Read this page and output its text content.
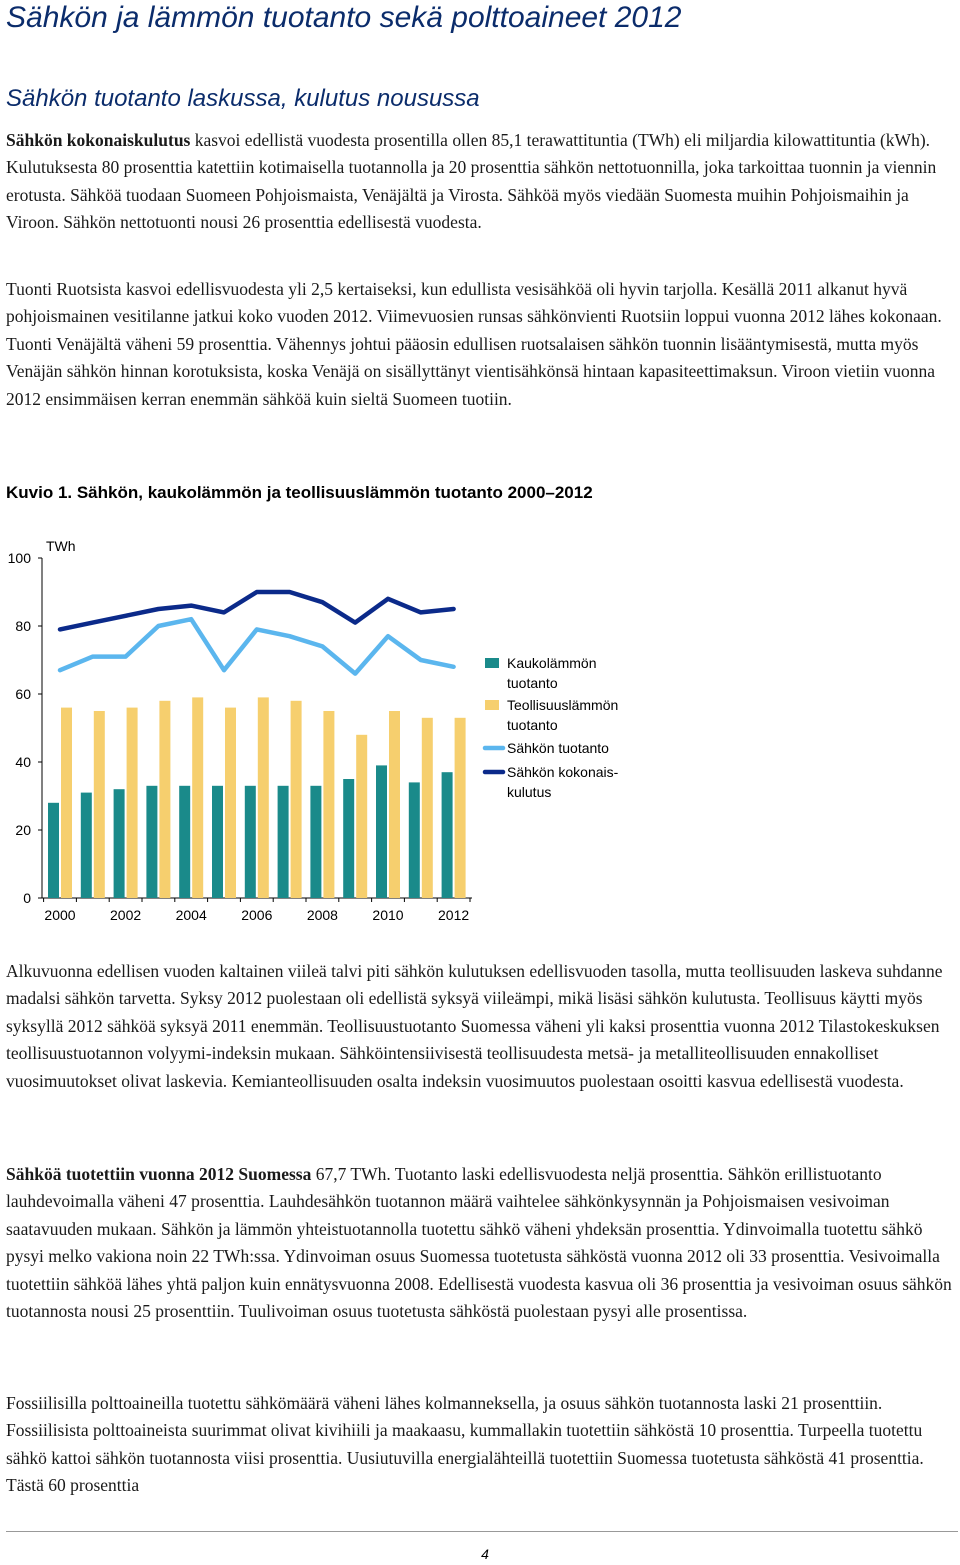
Sähkön ja lämmön tuotanto sekä polttoaineet 2012
Sähkön tuotanto laskussa, kulutus nousussa

Sähkön kokonaiskulutus kasvoi edellistä vuodesta prosentilla ollen 85,1 terawattituntia (TWh) eli miljardia kilowattituntia (kWh). Kulutuksesta 80 prosenttia katettiin kotimaisella tuotannolla ja 20 prosenttia sähkön nettotuonnilla, joka tarkoittaa tuonnin ja viennin erotusta. Sähköä tuodaan Suomeen Pohjoismaista, Venäjältä ja Virosta. Sähköä myös viedään Suomesta muihin Pohjoismaihin ja Viroon. Sähkön nettotuonti nousi 26 prosenttia edellisestä vuodesta.

Tuonti Ruotsista kasvoi edellisvuodesta yli 2,5 kertaiseksi, kun edullista vesisähköä oli hyvin tarjolla. Kesällä 2011 alkanut hyvä pohjoismainen vesitilanne jatkui koko vuoden 2012. Viimevuosien runsas sähkönvienti Ruotsiin loppui vuonna 2012 lähes kokonaan. Tuonti Venäjältä väheni 59 prosenttia. Vähennys johtui pääosin edullisen ruotsalaisen sähkön tuonnin lisääntymisestä, mutta myös Venäjän sähkön hinnan korotuksista, koska Venäjä on sisällyttänyt vientisähkönsä hintaan kapasiteettimaksun. Viroon vietiin vuonna 2012 ensimmäisen kerran enemmän sähköä kuin sieltä Suomeen tuotiin.

Kuvio 1. Sähkön, kaukolämmön ja teollisuuslämmön tuotanto 2000–2012
0
20
40
60
80
100
TWh
2000 2002 2004 2006 2008 2010 2012
Kaukolämmön
tuotanto
Teollisuuslämmön
tuotanto
Sähkön tuotanto
Sähkön kokonais-
kulutus

Alkuvuonna edellisen vuoden kaltainen viileä talvi piti sähkön kulutuksen edellisvuoden tasolla, mutta teollisuuden laskeva suhdanne madalsi sähkön tarvetta. Syksy 2012 puolestaan oli edellistä syksyä viileämpi, mikä lisäsi sähkön kulutusta. Teollisuus käytti myös syksyllä 2012 sähköä syksyä 2011 enemmän. Teollisuustuotanto Suomessa väheni yli kaksi prosenttia vuonna 2012 Tilastokeskuksen teollisuustuotannon volyymi-indeksin mukaan. Sähköintensiivisestä teollisuudesta metsä- ja metalliteollisuuden ennakolliset vuosimuutokset olivat laskevia. Kemianteollisuuden osalta indeksin vuosimuutos puolestaan osoitti kasvua edellisestä vuodesta.

Sähköä tuotettiin vuonna 2012 Suomessa 67,7 TWh. Tuotanto laski edellisvuodesta neljä prosenttia. Sähkön erillistuotanto lauhdevoimalla väheni 47 prosenttia. Lauhdesähkön tuotannon määrä vaihtelee sähkönkysynnän ja Pohjoismaisen vesivoiman saatavuuden mukaan. Sähkön ja lämmön yhteistuotannolla tuotettu sähkö väheni yhdeksän prosenttia. Ydinvoimalla tuotettu sähkö pysyi melko vakiona noin 22 TWh:ssa. Ydinvoiman osuus Suomessa tuotetusta sähköstä vuonna 2012 oli 33 prosenttia. Vesivoimalla tuotettiin sähköä lähes yhtä paljon kuin ennätysvuonna 2008. Edellisestä vuodesta kasvua oli 36 prosenttia ja vesivoiman osuus sähkön tuotannosta nousi 25 prosenttiin. Tuulivoiman osuus tuotetusta sähköstä puolestaan pysyi alle prosentissa.

Fossiilisilla polttoaineilla tuotettu sähkömäärä väheni lähes kolmanneksella, ja osuus sähkön tuotannosta laski 21 prosenttiin. Fossiilisista polttoaineista suurimmat olivat kivihiili ja maakaasu, kummallakin tuotettiin sähköstä 10 prosenttia. Turpeella tuotettu sähkö kattoi sähkön tuotannosta viisi prosenttia. Uusiutuvilla energialähteillä tuotettiin Suomessa tuotetusta sähköstä 41 prosenttia. Tästä 60 prosenttia

4
